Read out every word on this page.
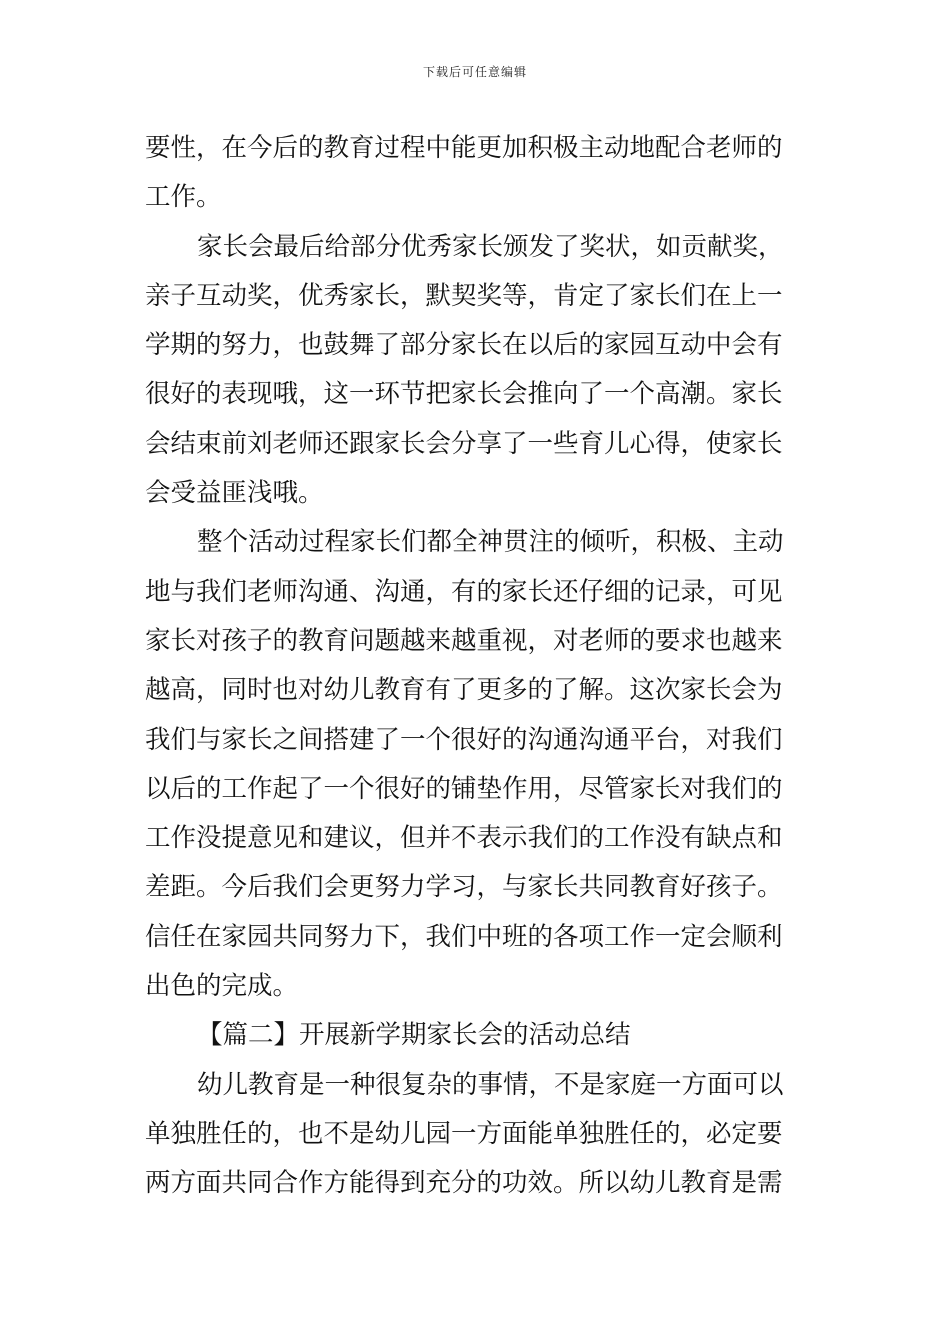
下载后可任意编辑
要性，在今后的教育过程中能更加积极主动地配合老师的
工作。
家长会最后给部分优秀家长颁发了奖状，如贡献奖，
亲子互动奖，优秀家长，默契奖等，肯定了家长们在上一
学期的努力，也鼓舞了部分家长在以后的家园互动中会有
很好的表现哦，这一环节把家长会推向了一个高潮。家长
会结束前刘老师还跟家长会分享了一些育儿心得，使家长
会受益匪浅哦。
整个活动过程家长们都全神贯注的倾听，积极、主动
地与我们老师沟通、沟通，有的家长还仔细的记录，可见
家长对孩子的教育问题越来越重视，对老师的要求也越来
越高，同时也对幼儿教育有了更多的了解。这次家长会为
我们与家长之间搭建了一个很好的沟通沟通平台，对我们
以后的工作起了一个很好的铺垫作用，尽管家长对我们的
工作没提意见和建议，但并不表示我们的工作没有缺点和
差距。今后我们会更努力学习，与家长共同教育好孩子。
信任在家园共同努力下，我们中班的各项工作一定会顺利
出色的完成。
【篇二】开展新学期家长会的活动总结
幼儿教育是一种很复杂的事情，不是家庭一方面可以
单独胜任的，也不是幼儿园一方面能单独胜任的，必定要
两方面共同合作方能得到充分的功效。所以幼儿教育是需
